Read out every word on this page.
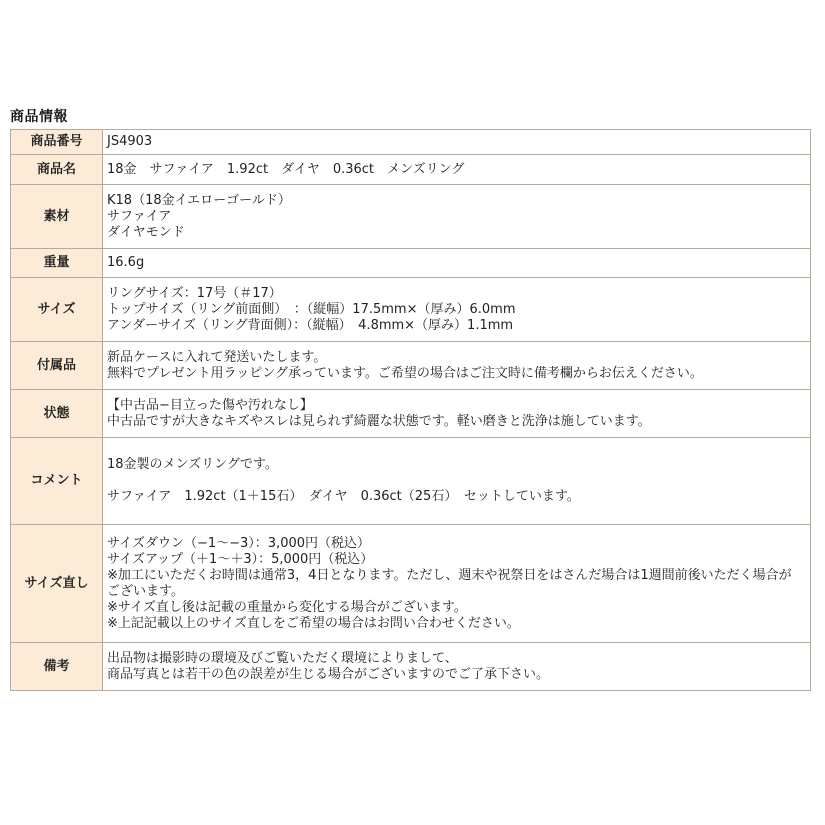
商品情報
商品番号	JS4903

商品名	18金　サファイア　1.92ct　ダイヤ　0.36ct　メンズリング

素材	K18（18金イエローゴールド）
サファイア
ダイヤモンド

重量	16.6g

サイズ	リングサイズ：17号（＃17）
トップサイズ（リング前面側）　：（縦幅）17.5mm×（厚み）6.0mm
アンダーサイズ（リング背面側）：（縦幅）　4.8mm×（厚み）1.1mm

付属品	新品ケースに入れて発送いたします。
無料でプレゼント用ラッピング承っています。ご希望の場合はご注文時に備考欄からお伝えください。

状態	【中古品−目立った傷や汚れなし】
中古品ですが大きなキズやスレは見られず綺麗な状態です。軽い磨きと洗浄は施しています。

コメント	18金製のメンズリングです。
サファイア　1.92ct（1＋15石）　ダイヤ　0.36ct（25石）　セットしています。

サイズ直し	サイズダウン（−1〜−3）：3,000円（税込）
サイズアップ（＋1〜＋3）：5,000円（税込）
※加工にいただくお時間は通常3，4日となります。ただし、週末や祝祭日をはさんだ場合は1週間前後いただく場合がございます。
※サイズ直し後は記載の重量から変化する場合がございます。
※上記記載以上のサイズ直しをご希望の場合はお問い合わせください。

備考	出品物は撮影時の環境及びご覧いただく環境によりまして、
商品写真とは若干の色の誤差が生じる場合がございますのでご了承下さい。
